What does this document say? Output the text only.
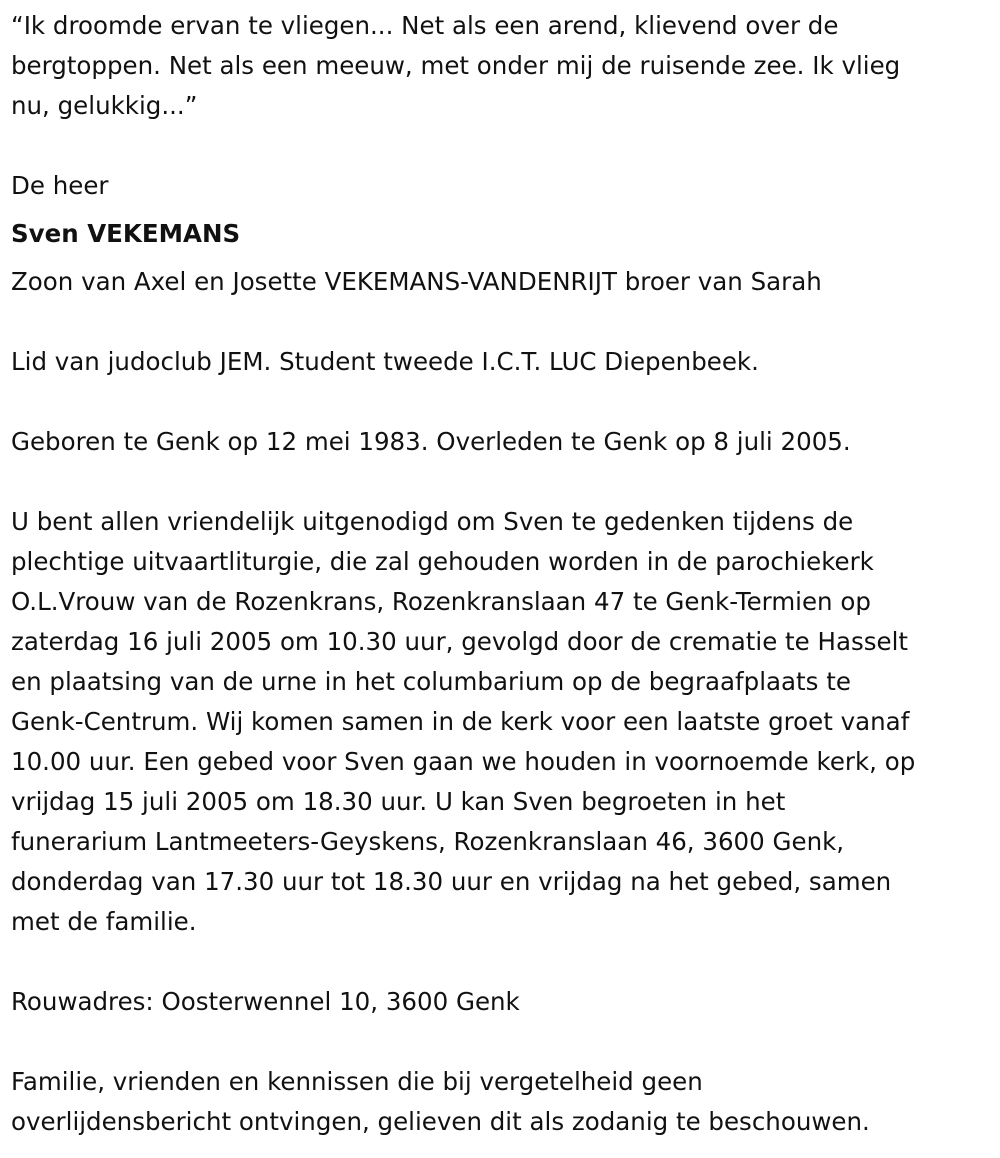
“Ik droomde ervan te vliegen... Net als een arend, klievend over de
bergtoppen. Net als een meeuw, met onder mij de ruisende zee. Ik vlieg
nu, gelukkig...”

De heer

Sven VEKEMANS

Zoon van Axel en Josette VEKEMANS-VANDENRIJT broer van Sarah

Lid van judoclub JEM. Student tweede I.C.T. LUC Diepenbeek.

Geboren te Genk op 12 mei 1983. Overleden te Genk op 8 juli 2005.

U bent allen vriendelijk uitgenodigd om Sven te gedenken tijdens de
plechtige uitvaartliturgie, die zal gehouden worden in de parochiekerk
O.L.Vrouw van de Rozenkrans, Rozenkranslaan 47 te Genk-Termien op
zaterdag 16 juli 2005 om 10.30 uur, gevolgd door de crematie te Hasselt
en plaatsing van de urne in het columbarium op de begraafplaats te
Genk-Centrum. Wij komen samen in de kerk voor een laatste groet vanaf
10.00 uur. Een gebed voor Sven gaan we houden in voornoemde kerk, op
vrijdag 15 juli 2005 om 18.30 uur. U kan Sven begroeten in het
funerarium Lantmeeters-Geyskens, Rozenkranslaan 46, 3600 Genk,
donderdag van 17.30 uur tot 18.30 uur en vrijdag na het gebed, samen
met de familie.

Rouwadres: Oosterwennel 10, 3600 Genk

Familie, vrienden en kennissen die bij vergetelheid geen
overlijdensbericht ontvingen, gelieven dit als zodanig te beschouwen.
